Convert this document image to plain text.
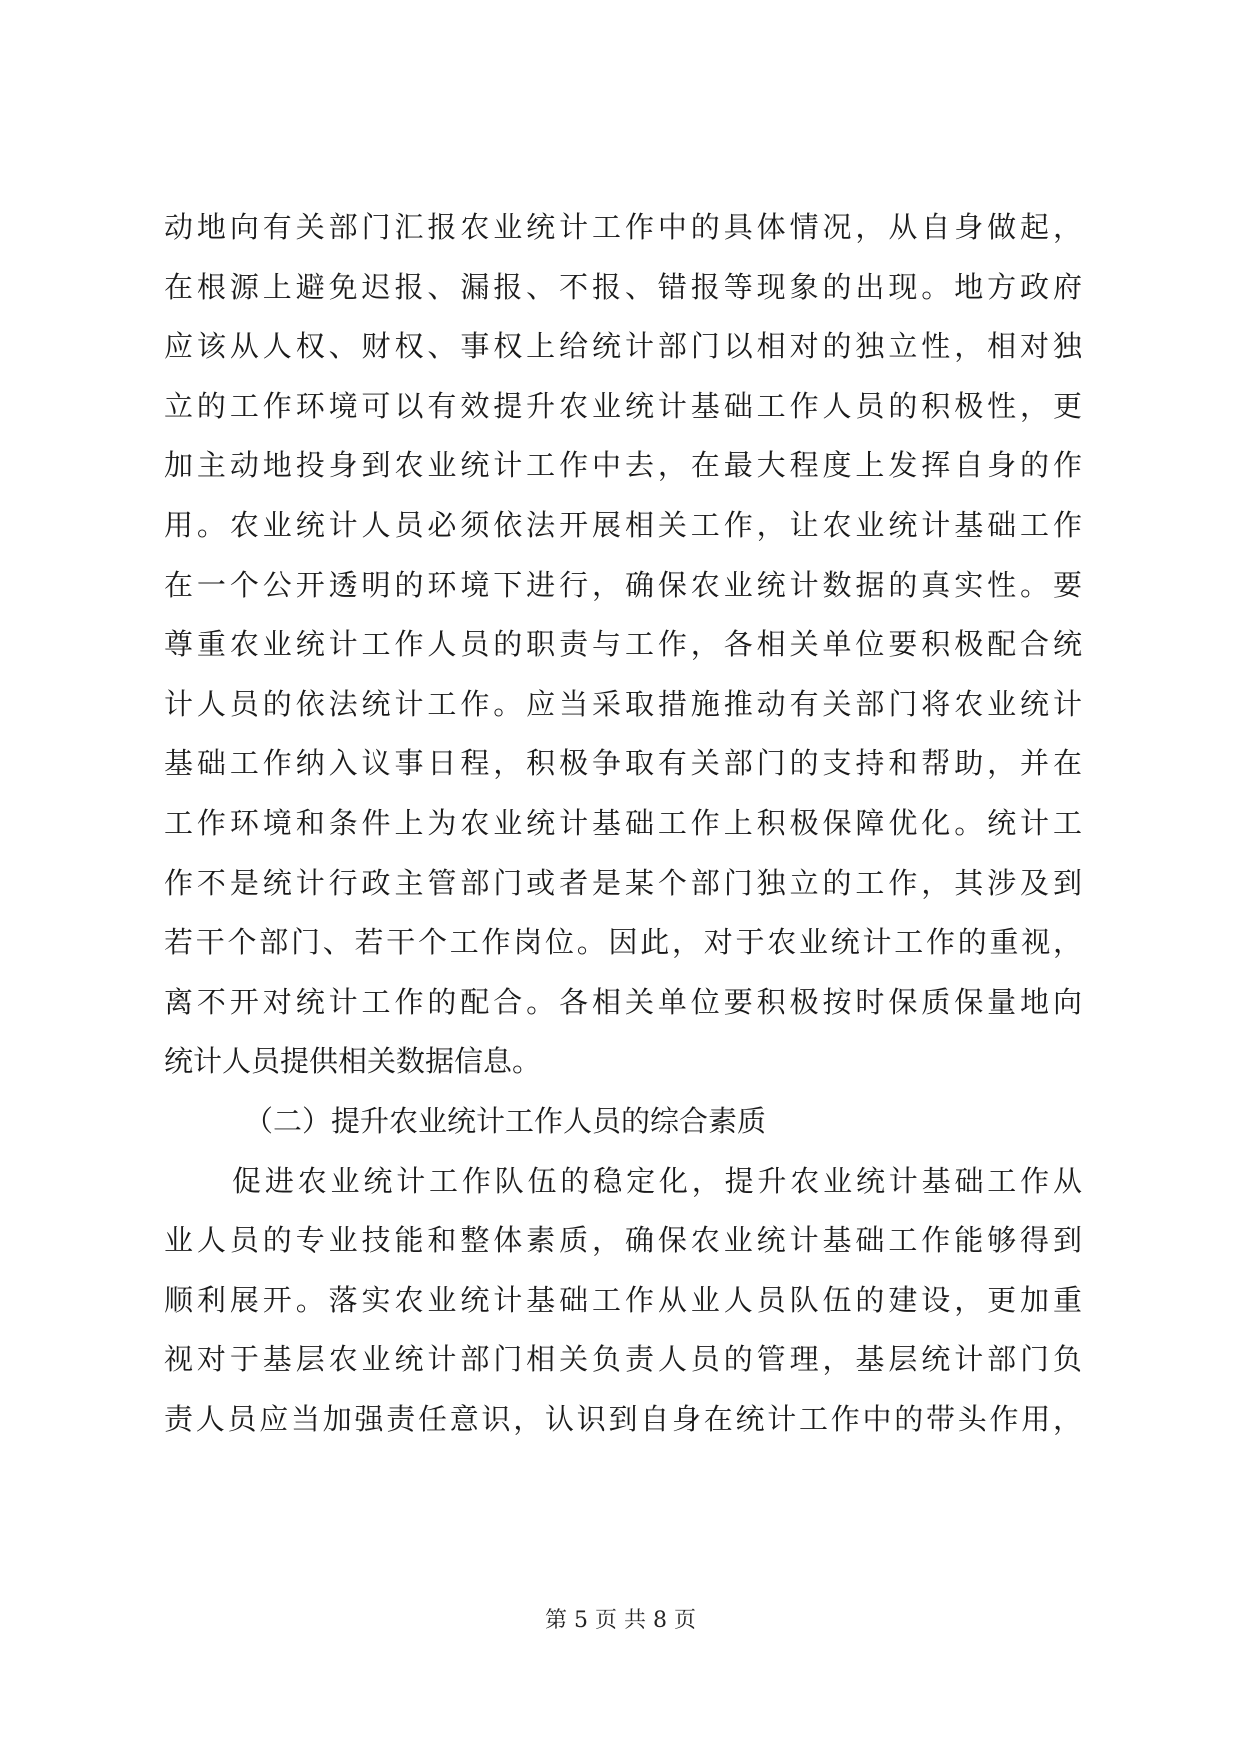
动地向有关部门汇报农业统计工作中的具体情况，从自身做起，
在根源上避免迟报、漏报、不报、错报等现象的出现。地方政府
应该从人权、财权、事权上给统计部门以相对的独立性，相对独
立的工作环境可以有效提升农业统计基础工作人员的积极性，更
加主动地投身到农业统计工作中去，在最大程度上发挥自身的作
用。农业统计人员必须依法开展相关工作，让农业统计基础工作
在一个公开透明的环境下进行，确保农业统计数据的真实性。要
尊重农业统计工作人员的职责与工作，各相关单位要积极配合统
计人员的依法统计工作。应当采取措施推动有关部门将农业统计
基础工作纳入议事日程，积极争取有关部门的支持和帮助，并在
工作环境和条件上为农业统计基础工作上积极保障优化。统计工
作不是统计行政主管部门或者是某个部门独立的工作，其涉及到
若干个部门、若干个工作岗位。因此，对于农业统计工作的重视，
离不开对统计工作的配合。各相关单位要积极按时保质保量地向
统计人员提供相关数据信息。
（二）提升农业统计工作人员的综合素质
促进农业统计工作队伍的稳定化，提升农业统计基础工作从
业人员的专业技能和整体素质，确保农业统计基础工作能够得到
顺利展开。落实农业统计基础工作从业人员队伍的建设，更加重
视对于基层农业统计部门相关负责人员的管理，基层统计部门负
责人员应当加强责任意识，认识到自身在统计工作中的带头作用，
第 5 页 共 8 页
